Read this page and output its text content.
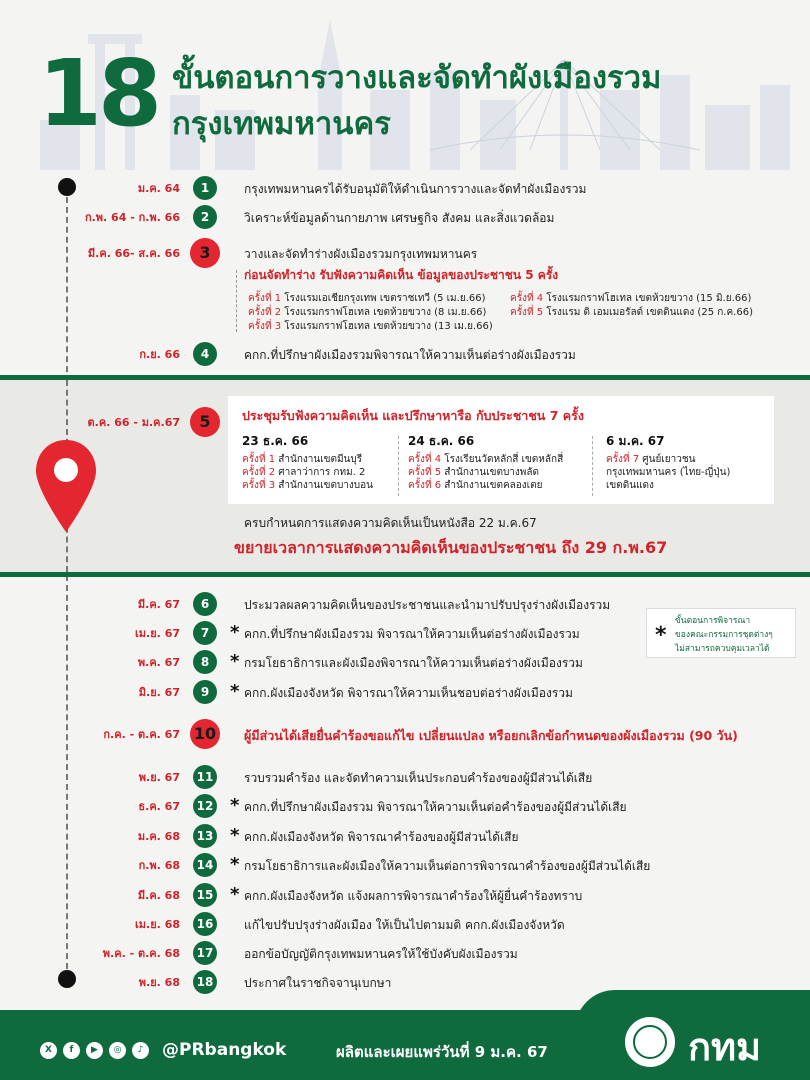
18 ขั้นตอนการวางและจัดทำผังเมืองรวม
กรุงเทพมหานคร
ม.ค. 64	1	กรุงเทพมหานครได้รับอนุมัติให้ดำเนินการวางและจัดทำผังเมืองรวม
ก.พ. 64 - ก.พ. 66	2	วิเคราะห์ข้อมูลด้านกายภาพ เศรษฐกิจ สังคม และสิ่งแวดล้อม
มี.ค. 66- ส.ค. 66	3	วางและจัดทำร่างผังเมืองรวมกรุงเทพมหานคร
ก่อนจัดทำร่าง รับฟังความคิดเห็น ข้อมูลของประชาชน 5 ครั้ง
ครั้งที่ 1 โรงแรมเอเชียกรุงเทพ เขตราชเทวี (5 เม.ย.66)
ครั้งที่ 2 โรงแรมกราฟโฮเทล เขตห้วยขวาง (8 เม.ย.66)
ครั้งที่ 3 โรงแรมกราฟโฮเทล เขตห้วยขวาง (13 เม.ย.66)
ครั้งที่ 4 โรงแรมกราฟโฮเทล เขตห้วยขวาง (15 มิ.ย.66)
ครั้งที่ 5 โรงแรม ดิ เอมเมอรัลด์ เขตดินแดง (25 ก.ค.66)
ก.ย. 66	4	คกก.ที่ปรึกษาผังเมืองรวมพิจารณาให้ความเห็นต่อร่างผังเมืองรวม
ต.ค. 66 - ม.ค.67	5	ประชุมรับฟังความคิดเห็น และปรึกษาหารือ กับประชาชน 7 ครั้ง
23 ธ.ค. 66
ครั้งที่ 1 สำนักงานเขตมีนบุรี
ครั้งที่ 2 ศาลาว่าการ กทม. 2
ครั้งที่ 3 สำนักงานเขตบางบอน
24 ธ.ค. 66
ครั้งที่ 4 โรงเรียนวัดหลักสี่ เขตหลักสี่
ครั้งที่ 5 สำนักงานเขตบางพลัด
ครั้งที่ 6 สำนักงานเขตคลองเตย
6 ม.ค. 67
ครั้งที่ 7 ศูนย์เยาวชน
กรุงเทพมหานคร (ไทย-ญี่ปุ่น)
เขตดินแดง
ครบกำหนดการแสดงความคิดเห็นเป็นหนังสือ 22 ม.ค.67
ขยายเวลาการแสดงความคิดเห็นของประชาชน ถึง 29 ก.พ.67
*
ขั้นตอนการพิจารณา
ของคณะกรรมการชุดต่างๆ
ไม่สามารถควบคุมเวลาได้
มี.ค. 67	6	ประมวลผลความคิดเห็นของประชาชนและนำมาปรับปรุงร่างผังเมืองรวม
เม.ย. 67	7	* คกก.ที่ปรึกษาผังเมืองรวม พิจารณาให้ความเห็นต่อร่างผังเมืองรวม
พ.ค. 67	8	* กรมโยธาธิการและผังเมืองพิจารณาให้ความเห็นต่อร่างผังเมืองรวม
มิ.ย. 67	9	* คกก.ผังเมืองจังหวัด พิจารณาให้ความเห็นชอบต่อร่างผังเมืองรวม
ก.ค. - ต.ค. 67 10	ผู้มีส่วนได้เสียยื่นคำร้องขอแก้ไข เปลี่ยนแปลง หรือยกเลิกข้อกำหนดของผังเมืองรวม (90 วัน)
พ.ย. 67	11	รวบรวมคำร้อง และจัดทำความเห็นประกอบคำร้องของผู้มีส่วนได้เสีย
ธ.ค. 67	12 * คกก.ที่ปรึกษาผังเมืองรวม พิจารณาให้ความเห็นต่อคำร้องของผู้มีส่วนได้เสีย
ม.ค. 68	13 * คกก.ผังเมืองจังหวัด พิจารณาคำร้องของผู้มีส่วนได้เสีย
ก.พ. 68	14 * กรมโยธาธิการและผังเมืองให้ความเห็นต่อการพิจารณาคำร้องของผู้มีส่วนได้เสีย
มี.ค. 68	15 * คกก.ผังเมืองจังหวัด แจ้งผลการพิจารณาคำร้องให้ผู้ยื่นคำร้องทราบ
เม.ย. 68	16	แก้ไขปรับปรุงร่างผังเมือง ให้เป็นไปตามมติ คกก.ผังเมืองจังหวัด
พ.ค. - ต.ค. 68	17	ออกข้อบัญญัติกรุงเทพมหานครให้ใช้บังคับผังเมืองรวม
พ.ย. 68	18	ประกาศในราชกิจจานุเบกษา
X	f	▶	◎	♪	@PRbangkok	ผลิตและเผยแพร่วันที่ 9 ม.ค. 67	กทม
